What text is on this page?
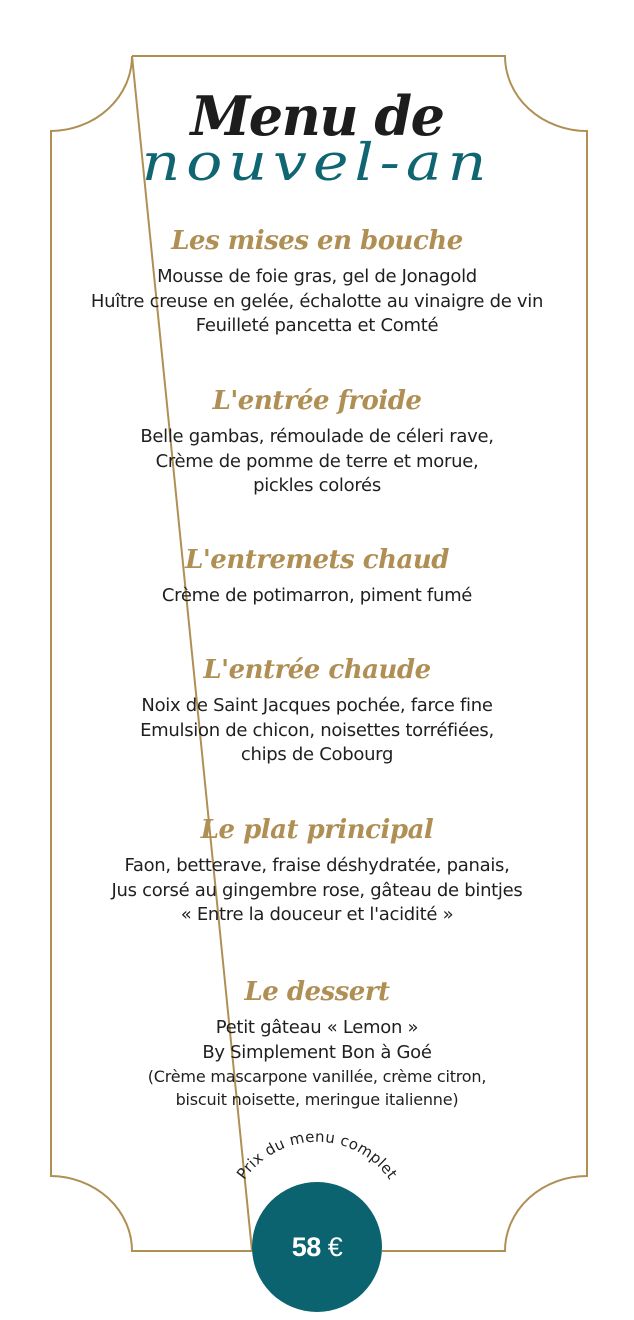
Menu de
nouvel-an
Les mises en bouche
Mousse de foie gras, gel de Jonagold
Huître creuse en gelée, échalotte au vinaigre de vin
Feuilleté pancetta et Comté
L'entrée froide
Belle gambas, rémoulade de céleri rave,
Crème de pomme de terre et morue,
pickles colorés
L'entremets chaud
Crème de potimarron, piment fumé
L'entrée chaude
Noix de Saint Jacques pochée, farce fine
Emulsion de chicon, noisettes torréfiées,
chips de Cobourg
Le plat principal
Faon, betterave, fraise déshydratée, panais,
Jus corsé au gingembre rose, gâteau de bintjes
« Entre la douceur et l'acidité »
Le dessert
Petit gâteau « Lemon »
By Simplement Bon à Goé
(Crème mascarpone vanillée, crème citron,
biscuit noisette, meringue italienne)
Prix du menu complet
58 €
